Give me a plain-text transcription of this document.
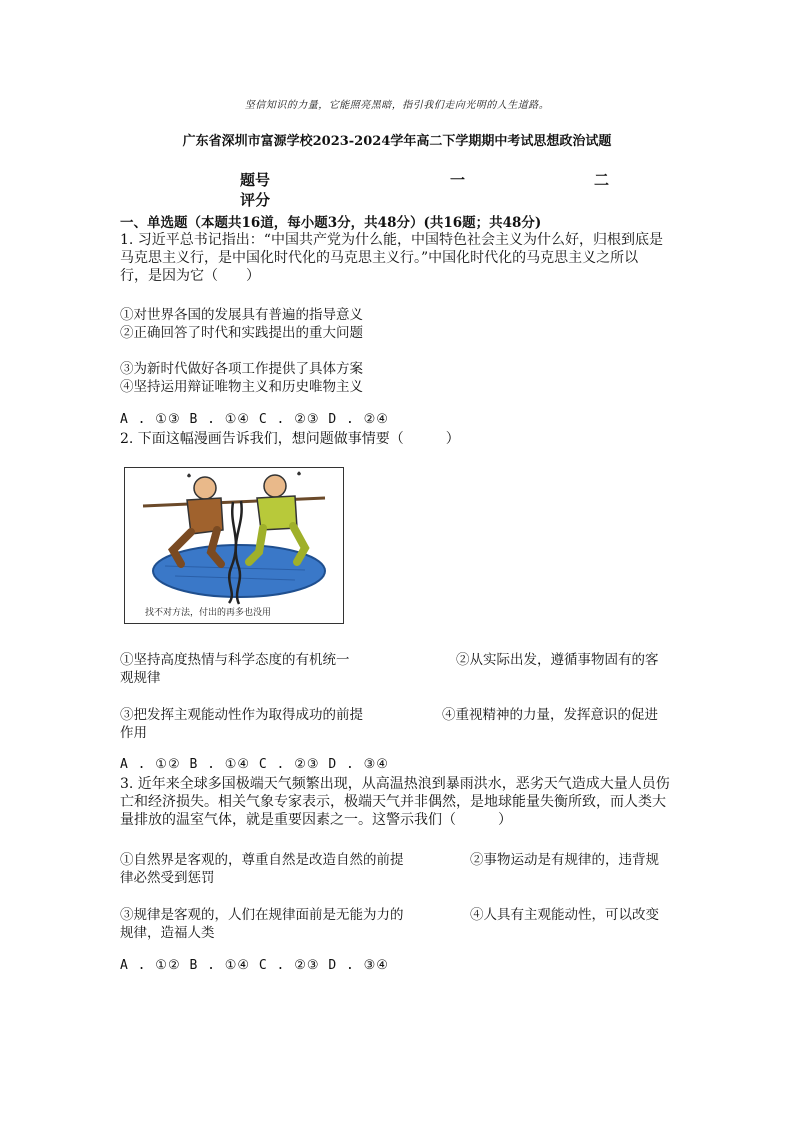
坚信知识的力量，它能照亮黑暗，指引我们走向光明的人生道路。
广东省深圳市富源学校2023-2024学年高二下学期期中考试思想政治试题
题号	一	二
评分
一、单选题（本题共16道，每小题3分，共48分）(共16题；共48分)
1. 习近平总书记指出：“中国共产党为什么能，中国特色社会主义为什么好，归根到底是
马克思主义行，是中国化时代化的马克思主义行。”中国化时代化的马克思主义之所以
行，是因为它（　　）
①对世界各国的发展具有普遍的指导意义
②正确回答了时代和实践提出的重大问题
③为新时代做好各项工作提供了具体方案
④坚持运用辩证唯物主义和历史唯物主义
A . ①③ B . ①④ C . ②③ D . ②④
2. 下面这幅漫画告诉我们，想问题做事情要（　　　）
找不对方法，付出的再多也没用
①坚持高度热情与科学态度的有机统一	②从实际出发，遵循事物固有的客
观规律
③把发挥主观能动性作为取得成功的前提	④重视精神的力量，发挥意识的促进
作用
A . ①② B . ①④ C . ②③ D . ③④
3. 近年来全球多国极端天气频繁出现，从高温热浪到暴雨洪水，恶劣天气造成大量人员伤
亡和经济损失。相关气象专家表示，极端天气并非偶然，是地球能量失衡所致，而人类大
量排放的温室气体，就是重要因素之一。这警示我们（　　　）
①自然界是客观的，尊重自然是改造自然的前提	②事物运动是有规律的，违背规
律必然受到惩罚
③规律是客观的，人们在规律面前是无能为力的	④人具有主观能动性，可以改变
规律，造福人类
A . ①② B . ①④ C . ②③ D . ③④
